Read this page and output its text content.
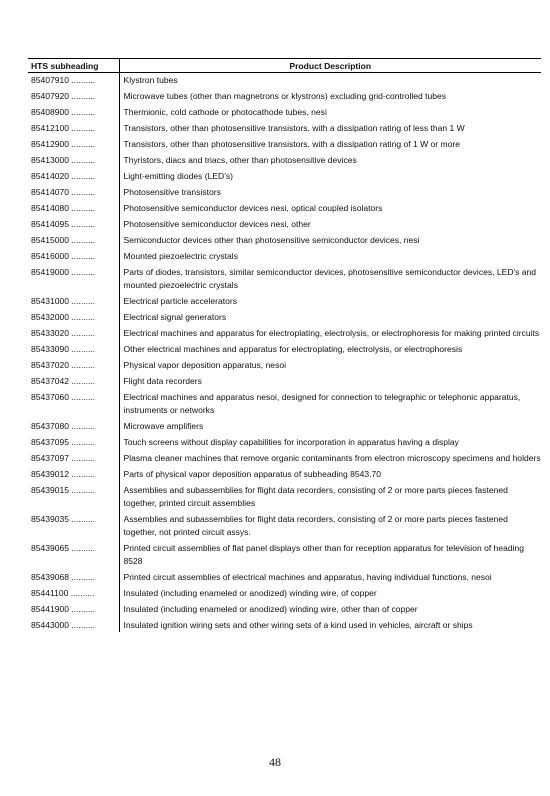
HTS subheading	Product Description
85407910 ..........	Klystron tubes
85407920 ..........	Microwave tubes (other than magnetrons or klystrons) excluding grid-controlled tubes
85408900 ..........	Thermionic, cold cathode or photocathode tubes, nesi
85412100 ..........	Transistors, other than photosensitive transistors, with a dissipation rating of less than 1 W
85412900 ..........	Transistors, other than photosensitive transistors, with a dissipation rating of 1 W or more
85413000 ..........	Thyristors, diacs and triacs, other than photosensitive devices
85414020 ..........	Light-emitting diodes (LED's)
85414070 ..........	Photosensitive transistors
85414080 ..........	Photosensitive semiconductor devices nesi, optical coupled isolators
85414095 ..........	Photosensitive semiconductor devices nesi, other
85415000 ..........	Semiconductor devices other than photosensitive semiconductor devices, nesi
85416000 ..........	Mounted piezoelectric crystals
85419000 ..........	Parts of diodes, transistors, similar semiconductor devices, photosensitive semiconductor devices, LED's and mounted piezoelectric crystals
85431000 ..........	Electrical particle accelerators
85432000 ..........	Electrical signal generators
85433020 ..........	Electrical machines and apparatus for electroplating, electrolysis, or electrophoresis for making printed circuits
85433090 ..........	Other electrical machines and apparatus for electroplating, electrolysis, or electrophoresis
85437020 ..........	Physical vapor deposition apparatus, nesoi
85437042 ..........	Flight data recorders
85437060 ..........	Electrical machines and apparatus nesoi, designed for connection to telegraphic or telephonic apparatus, instruments or networks
85437080 ..........	Microwave amplifiers
85437095 ..........	Touch screens without display capabilities for incorporation in apparatus having a display
85437097 ..........	Plasma cleaner machines that remove organic contaminants from electron microscopy specimens and holders
85439012 ..........	Parts of physical vapor deposition apparatus of subheading 8543.70
85439015 ..........	Assemblies and subassemblies for flight data recorders, consisting of 2 or more parts pieces fastened together, printed circuit assemblies
85439035 ..........	Assemblies and subassemblies for flight data recorders, consisting of 2 or more parts pieces fastened together, not printed circuit assys.
85439065 ..........	Printed circuit assemblies of flat panel displays other than for reception apparatus for television of heading 8528
85439068 ..........	Printed circuit assemblies of electrical machines and apparatus, having individual functions, nesoi
85441100 ..........	Insulated (including enameled or anodized) winding wire, of copper
85441900 ..........	Insulated (including enameled or anodized) winding wire, other than of copper
85443000 ..........	Insulated ignition wiring sets and other wiring sets of a kind used in vehicles, aircraft or ships
48
